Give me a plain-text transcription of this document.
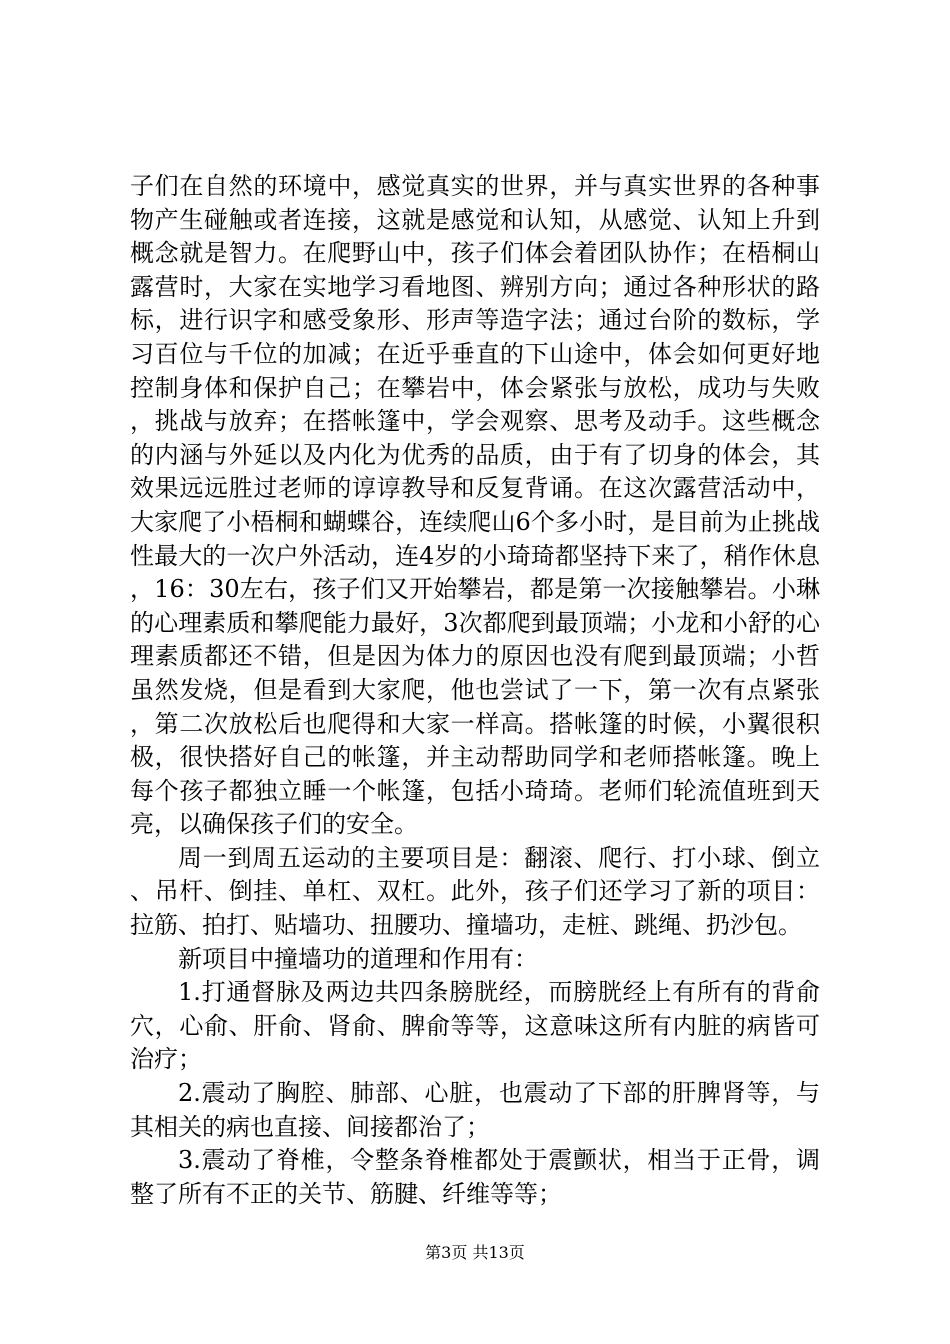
子们在自然的环境中，感觉真实的世界，并与真实世界的各种事物产生碰触或者连接，这就是感觉和认知，从感觉、认知上升到概念就是智力。在爬野山中，孩子们体会着团队协作；在梧桐山露营时，大家在实地学习看地图、辨别方向；通过各种形状的路标，进行识字和感受象形、形声等造字法；通过台阶的数标，学习百位与千位的加减；在近乎垂直的下山途中，体会如何更好地控制身体和保护自己；在攀岩中，体会紧张与放松，成功与失败，挑战与放弃；在搭帐篷中，学会观察、思考及动手。这些概念的内涵与外延以及内化为优秀的品质，由于有了切身的体会，其效果远远胜过老师的谆谆教导和反复背诵。在这次露营活动中，大家爬了小梧桐和蝴蝶谷，连续爬山6个多小时，是目前为止挑战性最大的一次户外活动，连4岁的小琦琦都坚持下来了，稍作休息，16：30左右，孩子们又开始攀岩，都是第一次接触攀岩。小琳的心理素质和攀爬能力最好，3次都爬到最顶端；小龙和小舒的心理素质都还不错，但是因为体力的原因也没有爬到最顶端；小哲虽然发烧，但是看到大家爬，他也尝试了一下，第一次有点紧张，第二次放松后也爬得和大家一样高。搭帐篷的时候，小翼很积极，很快搭好自己的帐篷，并主动帮助同学和老师搭帐篷。晚上每个孩子都独立睡一个帐篷，包括小琦琦。老师们轮流值班到天亮，以确保孩子们的安全。

周一到周五运动的主要项目是：翻滚、爬行、打小球、倒立、吊杆、倒挂、单杠、双杠。此外，孩子们还学习了新的项目：拉筋、拍打、贴墙功、扭腰功、撞墙功，走桩、跳绳、扔沙包。

新项目中撞墙功的道理和作用有：

1.打通督脉及两边共四条膀胱经，而膀胱经上有所有的背俞穴，心俞、肝俞、肾俞、脾俞等等，这意味这所有内脏的病皆可治疗；

2.震动了胸腔、肺部、心脏，也震动了下部的肝脾肾等，与其相关的病也直接、间接都治了；

3.震动了脊椎，令整条脊椎都处于震颤状，相当于正骨，调整了所有不正的关节、筋腱、纤维等等；

第3页 共13页
